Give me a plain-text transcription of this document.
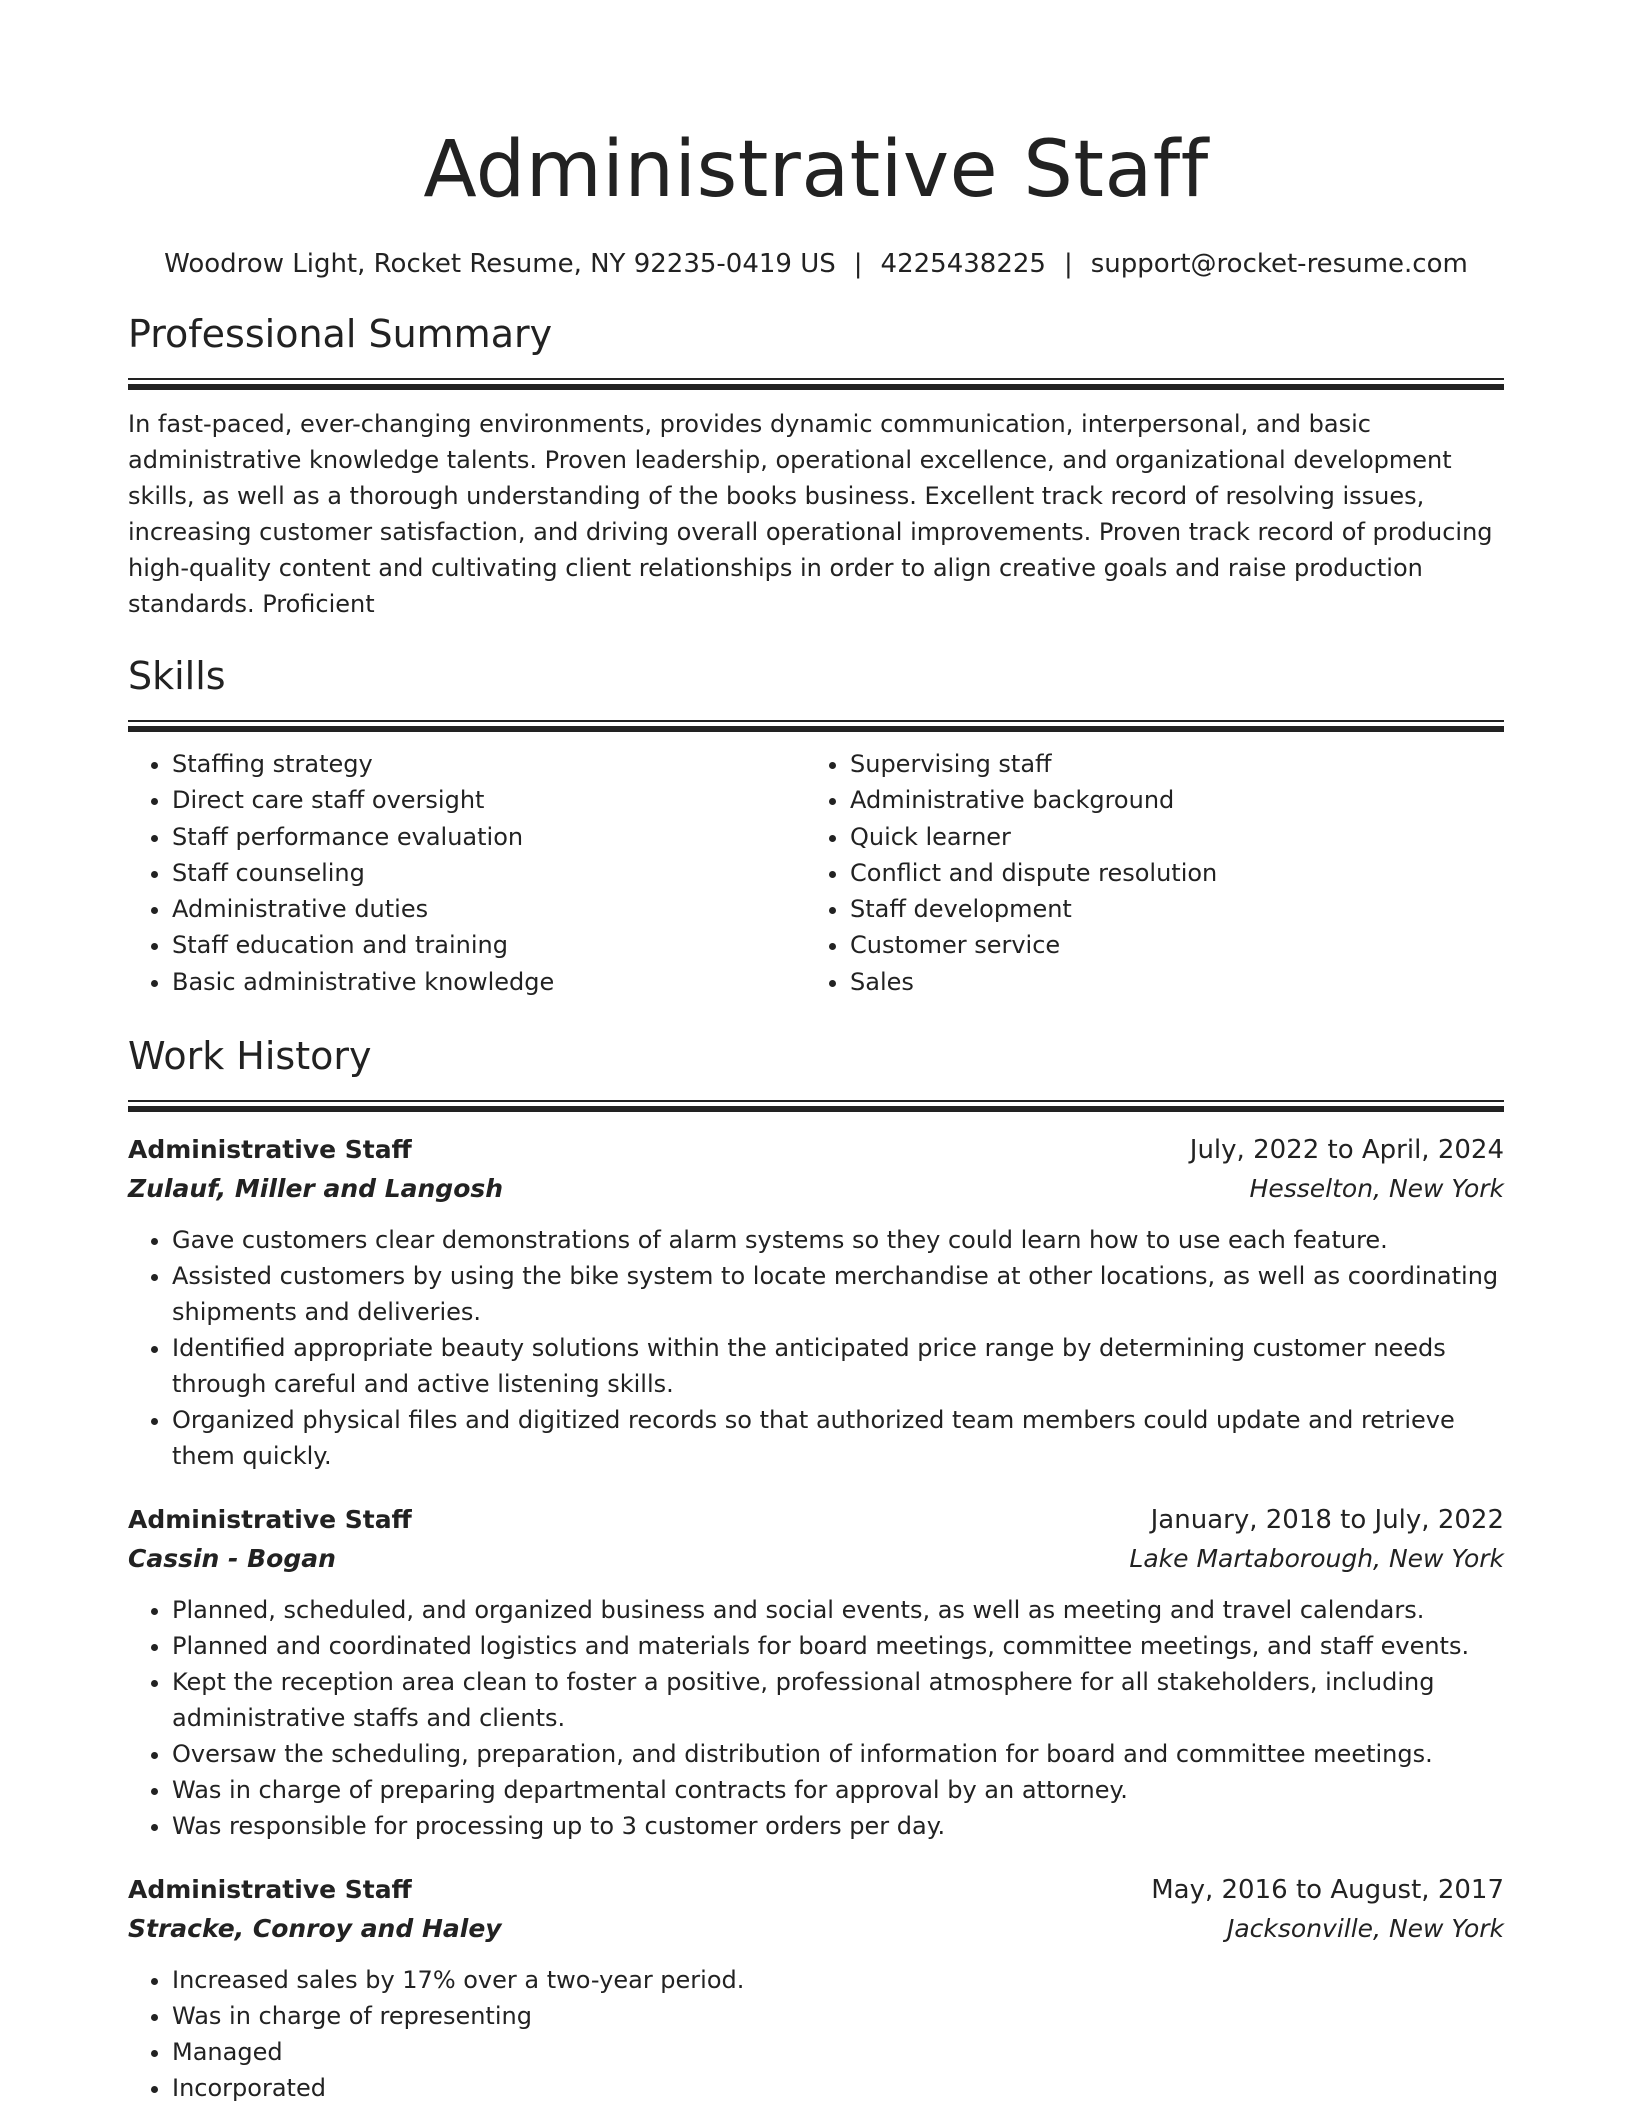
Administrative Staff
Woodrow Light, Rocket Resume, NY 92235-0419 US | 4225438225 | support@rocket-resume.com
Professional Summary

In fast-paced, ever-changing environments, provides dynamic communication, interpersonal, and basic administrative knowledge talents. Proven leadership, operational excellence, and organizational development skills, as well as a thorough understanding of the books business. Excellent track record of resolving issues, increasing customer satisfaction, and driving overall operational improvements. Proven track record of producing high-quality content and cultivating client relationships in order to align creative goals and raise production standards. Proficient

Skills
• Staffing strategy
• Direct care staff oversight
• Staff performance evaluation
• Staff counseling
• Administrative duties
• Staff education and training
• Basic administrative knowledge
• Supervising staff
• Administrative background
• Quick learner
• Conflict and dispute resolution
• Staff development
• Customer service
• Sales
Work History
Administrative Staff	July, 2022 to April, 2024
Zulauf, Miller and Langosh	Hesselton, New York
• Gave customers clear demonstrations of alarm systems so they could learn how to use each feature.
• Assisted customers by using the bike system to locate merchandise at other locations, as well as coordinating shipments and deliveries.
• Identified appropriate beauty solutions within the anticipated price range by determining customer needs through careful and active listening skills.
• Organized physical files and digitized records so that authorized team members could update and retrieve them quickly.
Administrative Staff	January, 2018 to July, 2022
Cassin - Bogan	Lake Martaborough, New York
• Planned, scheduled, and organized business and social events, as well as meeting and travel calendars.
• Planned and coordinated logistics and materials for board meetings, committee meetings, and staff events.
• Kept the reception area clean to foster a positive, professional atmosphere for all stakeholders, including administrative staffs and clients.
• Oversaw the scheduling, preparation, and distribution of information for board and committee meetings.
• Was in charge of preparing departmental contracts for approval by an attorney.
• Was responsible for processing up to 3 customer orders per day.
Administrative Staff	May, 2016 to August, 2017
Stracke, Conroy and Haley	Jacksonville, New York
• Increased sales by 17% over a two-year period.
• Was in charge of representing
• Managed
• Incorporated
